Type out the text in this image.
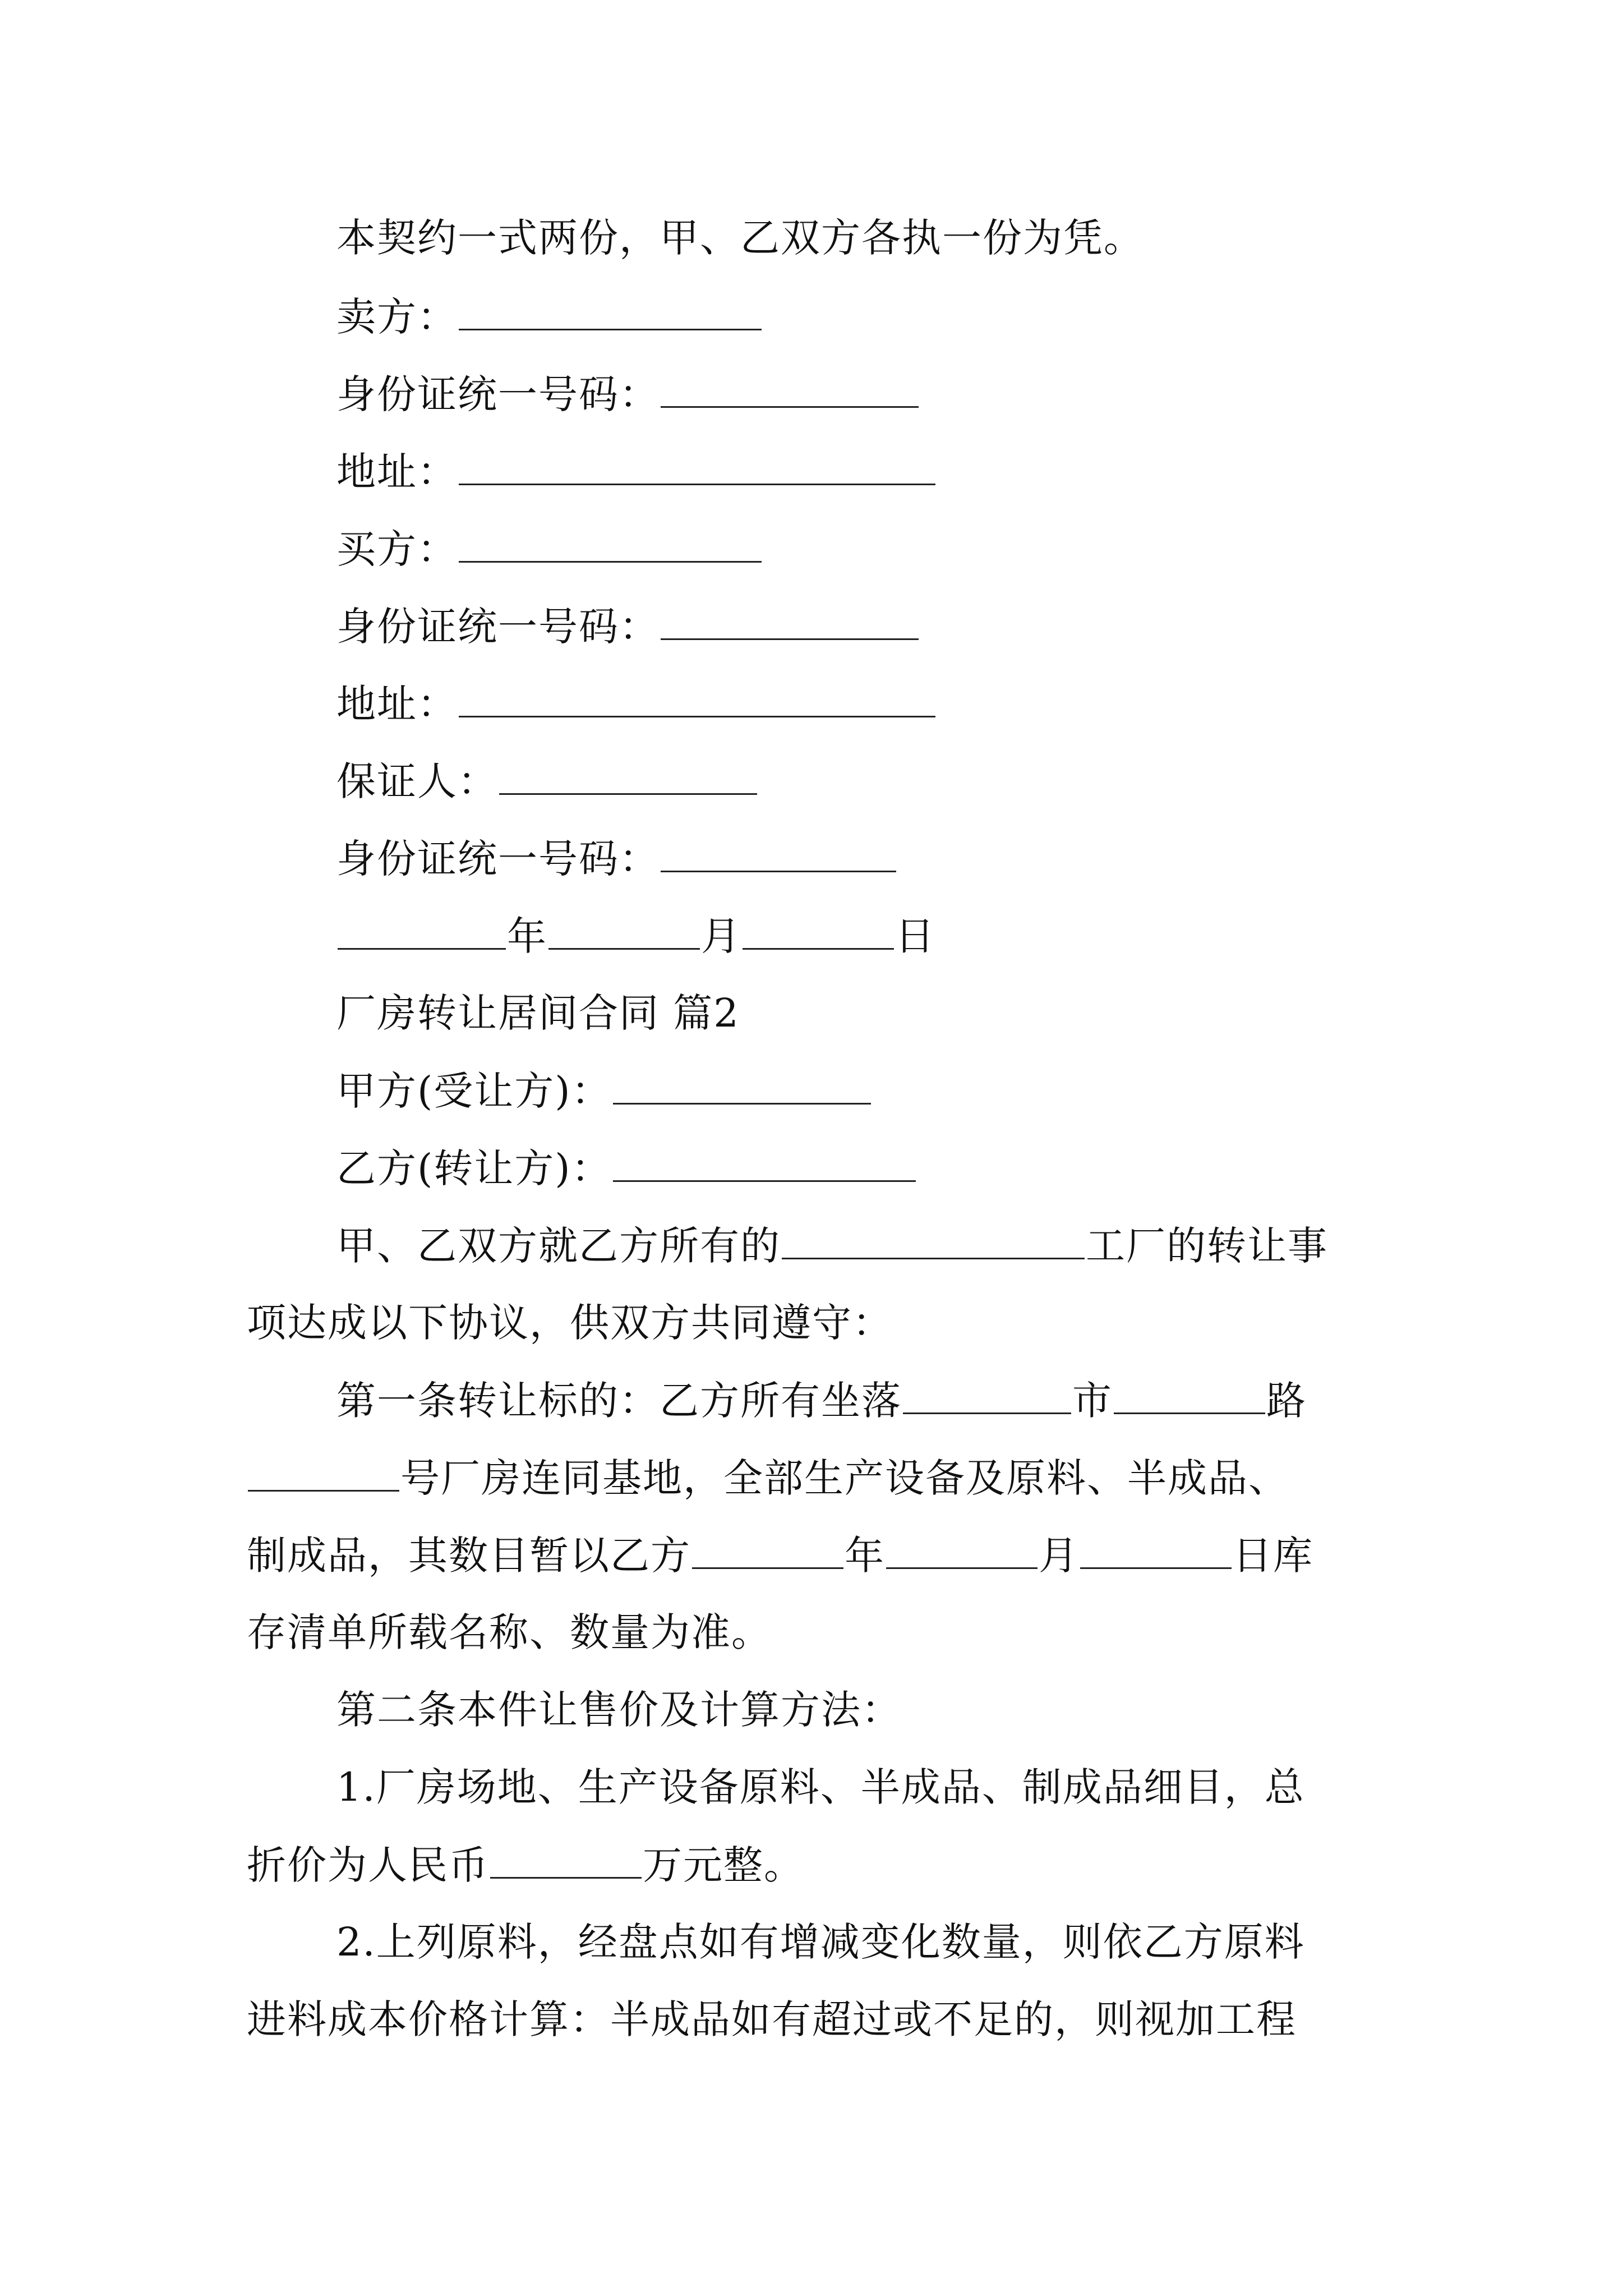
本契约一式两份，甲、乙双方各执一份为凭。
卖方：
身份证统一号码：
地址：
买方：
身份证统一号码：
地址：
保证人：
身份证统一号码：
年	月	日
厂房转让居间合同 篇2
甲方(受让方)：
乙方(转让方)：
甲、乙双方就乙方所有的	工厂的转让事
项达成以下协议，供双方共同遵守：
第一条转让标的：乙方所有坐落	市	路
号厂房连同基地，全部生产设备及原料、半成品、
制成品，其数目暂以乙方	年	月	日库
存清单所载名称、数量为准。
第二条本件让售价及计算方法：
1.厂房场地、生产设备原料、半成品、制成品细目，总
折价为人民币	万元整。
2.上列原料，经盘点如有增减变化数量，则依乙方原料
进料成本价格计算：半成品如有超过或不足的，则视加工程
